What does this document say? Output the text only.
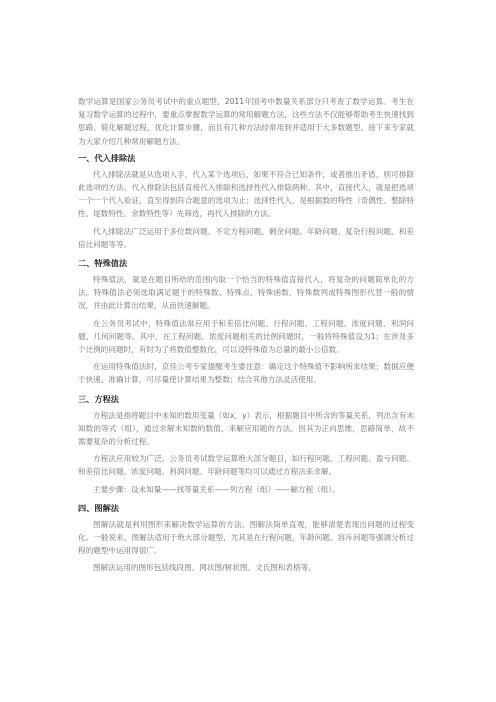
数学运算是国家公务员考试中的重点题型，2011年国考中数量关系部分只考查了数学运算。考生在复习数学运算的过程中，要重点掌握数学运算的常用解题方法，这些方法不仅能够帮助考生快速找到思路、简化解题过程、优化计算步骤，而且有几种方法经常用到并适用于大多数题型。接下来专家就为大家介绍几种常用解题方法。

一、代入排除法

代入排除法就是从选项入手，代入某个选项后，如果不符合已知条件，或者推出矛盾，则可排除此选项的方法。代入排除法包括直接代入排除和选择性代入排除两种。其中，直接代入，就是把选项一个一个代入验证，直至得到符合题意的选项为止；选择性代入，是根据数的特性（奇偶性、整除特性、尾数特性、余数特性等）先筛选，再代入排除的方法。

代入排除法广泛运用于多位数问题、不定方程问题、剩余问题、年龄问题、复杂行程问题、和差倍比问题等等。

二、特殊值法

特殊值法，就是在题目所给的范围内取一个恰当的特殊值直接代入，将复杂的问题简单化的方法。特殊值法必须选取满足题干的特殊数、特殊点、特殊函数、特殊数列或特殊图形代替一般的情况，并由此计算出结果，从而快速解题。

在公务员考试中，特殊值法常应用于和差倍比问题、行程问题、工程问题、浓度问题、利润问题、几何问题等。其中，在工程问题、浓度问题相关的比例问题时，一般将特殊值设为1；在涉及多个比例的问题时，有时为了将数值整数化，可以设特殊值为总量的最小公倍数。

在运用特殊值法时，京佳公考专家提醒考生要注意：确定这个特殊值不影响所求结果；数据应便于快速、准确计算，可尽量使计算结果为整数；结合其他方法灵活使用。

三、方程法

方程法是指将题目中未知的数用变量（如x，y）表示，根据题目中所含的等量关系，列出含有未知数的等式（组），通过求解未知数的数值，来解应用题的方法。因其为正向思维，思路简单，故不需要复杂的分析过程。

方程法应用较为广泛，公务员考试数学运算绝大部分题目，如行程问题、工程问题、盈亏问题、和差倍比问题、浓度问题、利润问题、年龄问题等均可以通过方程法来求解。

主要步骤：设未知量——找等量关系——列方程（组）——解方程（组）。

四、图解法

图解法就是利用图形来解决数学运算的方法。图解法简单直观，能够清楚表现出问题的过程变化。一般说来，图解法适用于绝大部分题型，尤其是在行程问题、年龄问题、容斥问题等强调分析过程的题型中运用得很广。

图解法运用的图形包括线段图、网状图/树状图、文氏图和表格等。
